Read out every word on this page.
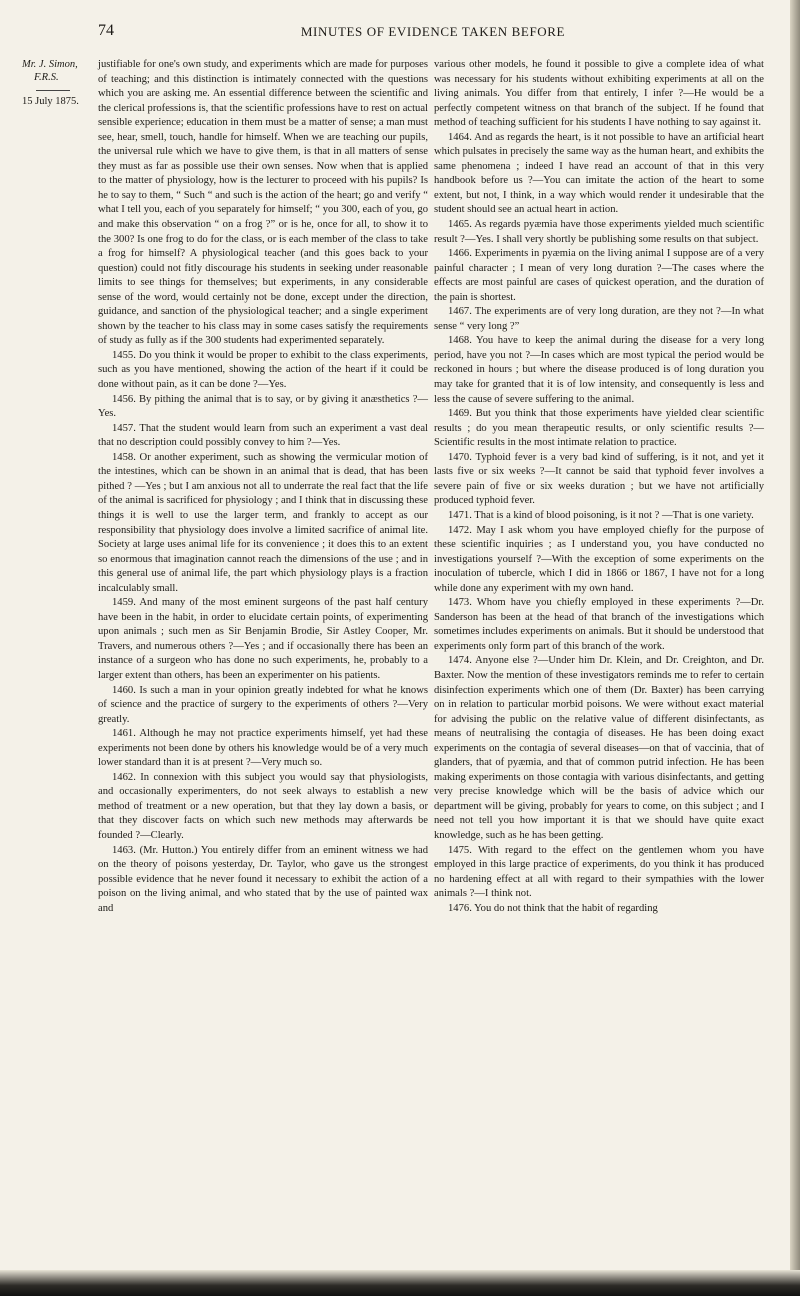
74	MINUTES OF EVIDENCE TAKEN BEFORE
Mr. J. Simon,
F.R.S.
15 July 1875.

justifiable for one's own study, and experiments which are made for purposes of teaching; and this distinction is intimately connected with the questions which you are asking me. An essential difference between the scientific and the clerical professions is, that the scientific professions have to rest on actual sensible experience; education in them must be a matter of sense; a man must see, hear, smell, touch, handle for himself. When we are teaching our pupils, the universal rule which we have to give them, is that in all matters of sense they must as far as possible use their own senses. Now when that is applied to the matter of physiology, how is the lecturer to proceed with his pupils? Is he to say to them, “ Such “ and such is the action of the heart; go and verify “ what I tell you, each of you separately for himself; “ you 300, each of you, go and make this observation “ on a frog ?” or is he, once for all, to show it to the 300? Is one frog to do for the class, or is each member of the class to take a frog for himself? A physiological teacher (and this goes back to your question) could not fitly discourage his students in seeking under reasonable limits to see things for themselves; but experiments, in any considerable sense of the word, would certainly not be done, except under the direction, guidance, and sanction of the physiological teacher; and a single experiment shown by the teacher to his class may in some cases satisfy the requirements of study as fully as if the 300 students had experimented separately.

1455. Do you think it would be proper to exhibit to the class experiments, such as you have mentioned, showing the action of the heart if it could be done without pain, as it can be done ?—Yes.

1456. By pithing the animal that is to say, or by giving it anæsthetics ?—Yes.

1457. That the student would learn from such an experiment a vast deal that no description could possibly convey to him ?—Yes.

1458. Or another experiment, such as showing the vermicular motion of the intestines, which can be shown in an animal that is dead, that has been pithed ? —Yes ; but I am anxious not all to underrate the real fact that the life of the animal is sacrificed for physiology ; and I think that in discussing these things it is well to use the larger term, and frankly to accept as our responsibility that physiology does involve a limited sacrifice of animal lite. Society at large uses animal life for its convenience ; it does this to an extent so enormous that imagination cannot reach the dimensions of the use ; and in this general use of animal life, the part which physiology plays is a fraction incalculably small.

1459. And many of the most eminent surgeons of the past half century have been in the habit, in order to elucidate certain points, of experimenting upon animals ; such men as Sir Benjamin Brodie, Sir Astley Cooper, Mr. Travers, and numerous others ?—Yes ; and if occasionally there has been an instance of a surgeon who has done no such experiments, he, probably to a larger extent than others, has been an experimenter on his patients.

1460. Is such a man in your opinion greatly indebted for what he knows of science and the practice of surgery to the experiments of others ?—Very greatly.

1461. Although he may not practice experiments himself, yet had these experiments not been done by others his knowledge would be of a very much lower standard than it is at present ?—Very much so.

1462. In connexion with this subject you would say that physiologists, and occasionally experimenters, do not seek always to establish a new method of treatment or a new operation, but that they lay down a basis, or that they discover facts on which such new methods may afterwards be founded ?—Clearly.

1463. (Mr. Hutton.) You entirely differ from an eminent witness we had on the theory of poisons yesterday, Dr. Taylor, who gave us the strongest possible evidence that he never found it necessary to exhibit the action of a poison on the living animal, and who stated that by the use of painted wax and

various other models, he found it possible to give a complete idea of what was necessary for his students without exhibiting experiments at all on the living animals. You differ from that entirely, I infer ?—He would be a perfectly competent witness on that branch of the subject. If he found that method of teaching sufficient for his students I have nothing to say against it.

1464. And as regards the heart, is it not possible to have an artificial heart which pulsates in precisely the same way as the human heart, and exhibits the same phenomena ; indeed I have read an account of that in this very handbook before us ?—You can imitate the action of the heart to some extent, but not, I think, in a way which would render it undesirable that the student should see an actual heart in action.

1465. As regards pyæmia have those experiments yielded much scientific result ?—Yes. I shall very shortly be publishing some results on that subject.

1466. Experiments in pyæmia on the living animal I suppose are of a very painful character ; I mean of very long duration ?—The cases where the effects are most painful are cases of quickest operation, and the duration of the pain is shortest.

1467. The experiments are of very long duration, are they not ?—In what sense “ very long ?”

1468. You have to keep the animal during the disease for a very long period, have you not ?—In cases which are most typical the period would be reckoned in hours ; but where the disease produced is of long duration you may take for granted that it is of low intensity, and consequently is less and less the cause of severe suffering to the animal.

1469. But you think that those experiments have yielded clear scientific results ; do you mean therapeutic results, or only scientific results ?—Scientific results in the most intimate relation to practice.

1470. Typhoid fever is a very bad kind of suffering, is it not, and yet it lasts five or six weeks ?—It cannot be said that typhoid fever involves a severe pain of five or six weeks duration ; but we have not artificially produced typhoid fever.

1471. That is a kind of blood poisoning, is it not ? —That is one variety.

1472. May I ask whom you have employed chiefly for the purpose of these scientific inquiries ; as I understand you, you have conducted no investigations yourself ?—With the exception of some experiments on the inoculation of tubercle, which I did in 1866 or 1867, I have not for a long while done any experiment with my own hand.

1473. Whom have you chiefly employed in these experiments ?—Dr. Sanderson has been at the head of that branch of the investigations which sometimes includes experiments on animals. But it should be understood that experiments only form part of this branch of the work.

1474. Anyone else ?—Under him Dr. Klein, and Dr. Creighton, and Dr. Baxter. Now the mention of these investigators reminds me to refer to certain disinfection experiments which one of them (Dr. Baxter) has been carrying on in relation to particular morbid poisons. We were without exact material for advising the public on the relative value of different disinfectants, as means of neutralising the contagia of diseases. He has been doing exact experiments on the contagia of several diseases—on that of vaccinia, that of glanders, that of pyæmia, and that of common putrid infection. He has been making experiments on those contagia with various disinfectants, and getting very precise knowledge which will be the basis of advice which our department will be giving, probably for years to come, on this subject ; and I need not tell you how important it is that we should have quite exact knowledge, such as he has been getting.

1475. With regard to the effect on the gentlemen whom you have employed in this large practice of experiments, do you think it has produced no hardening effect at all with regard to their sympathies with the lower animals ?—I think not.

1476. You do not think that the habit of regarding
